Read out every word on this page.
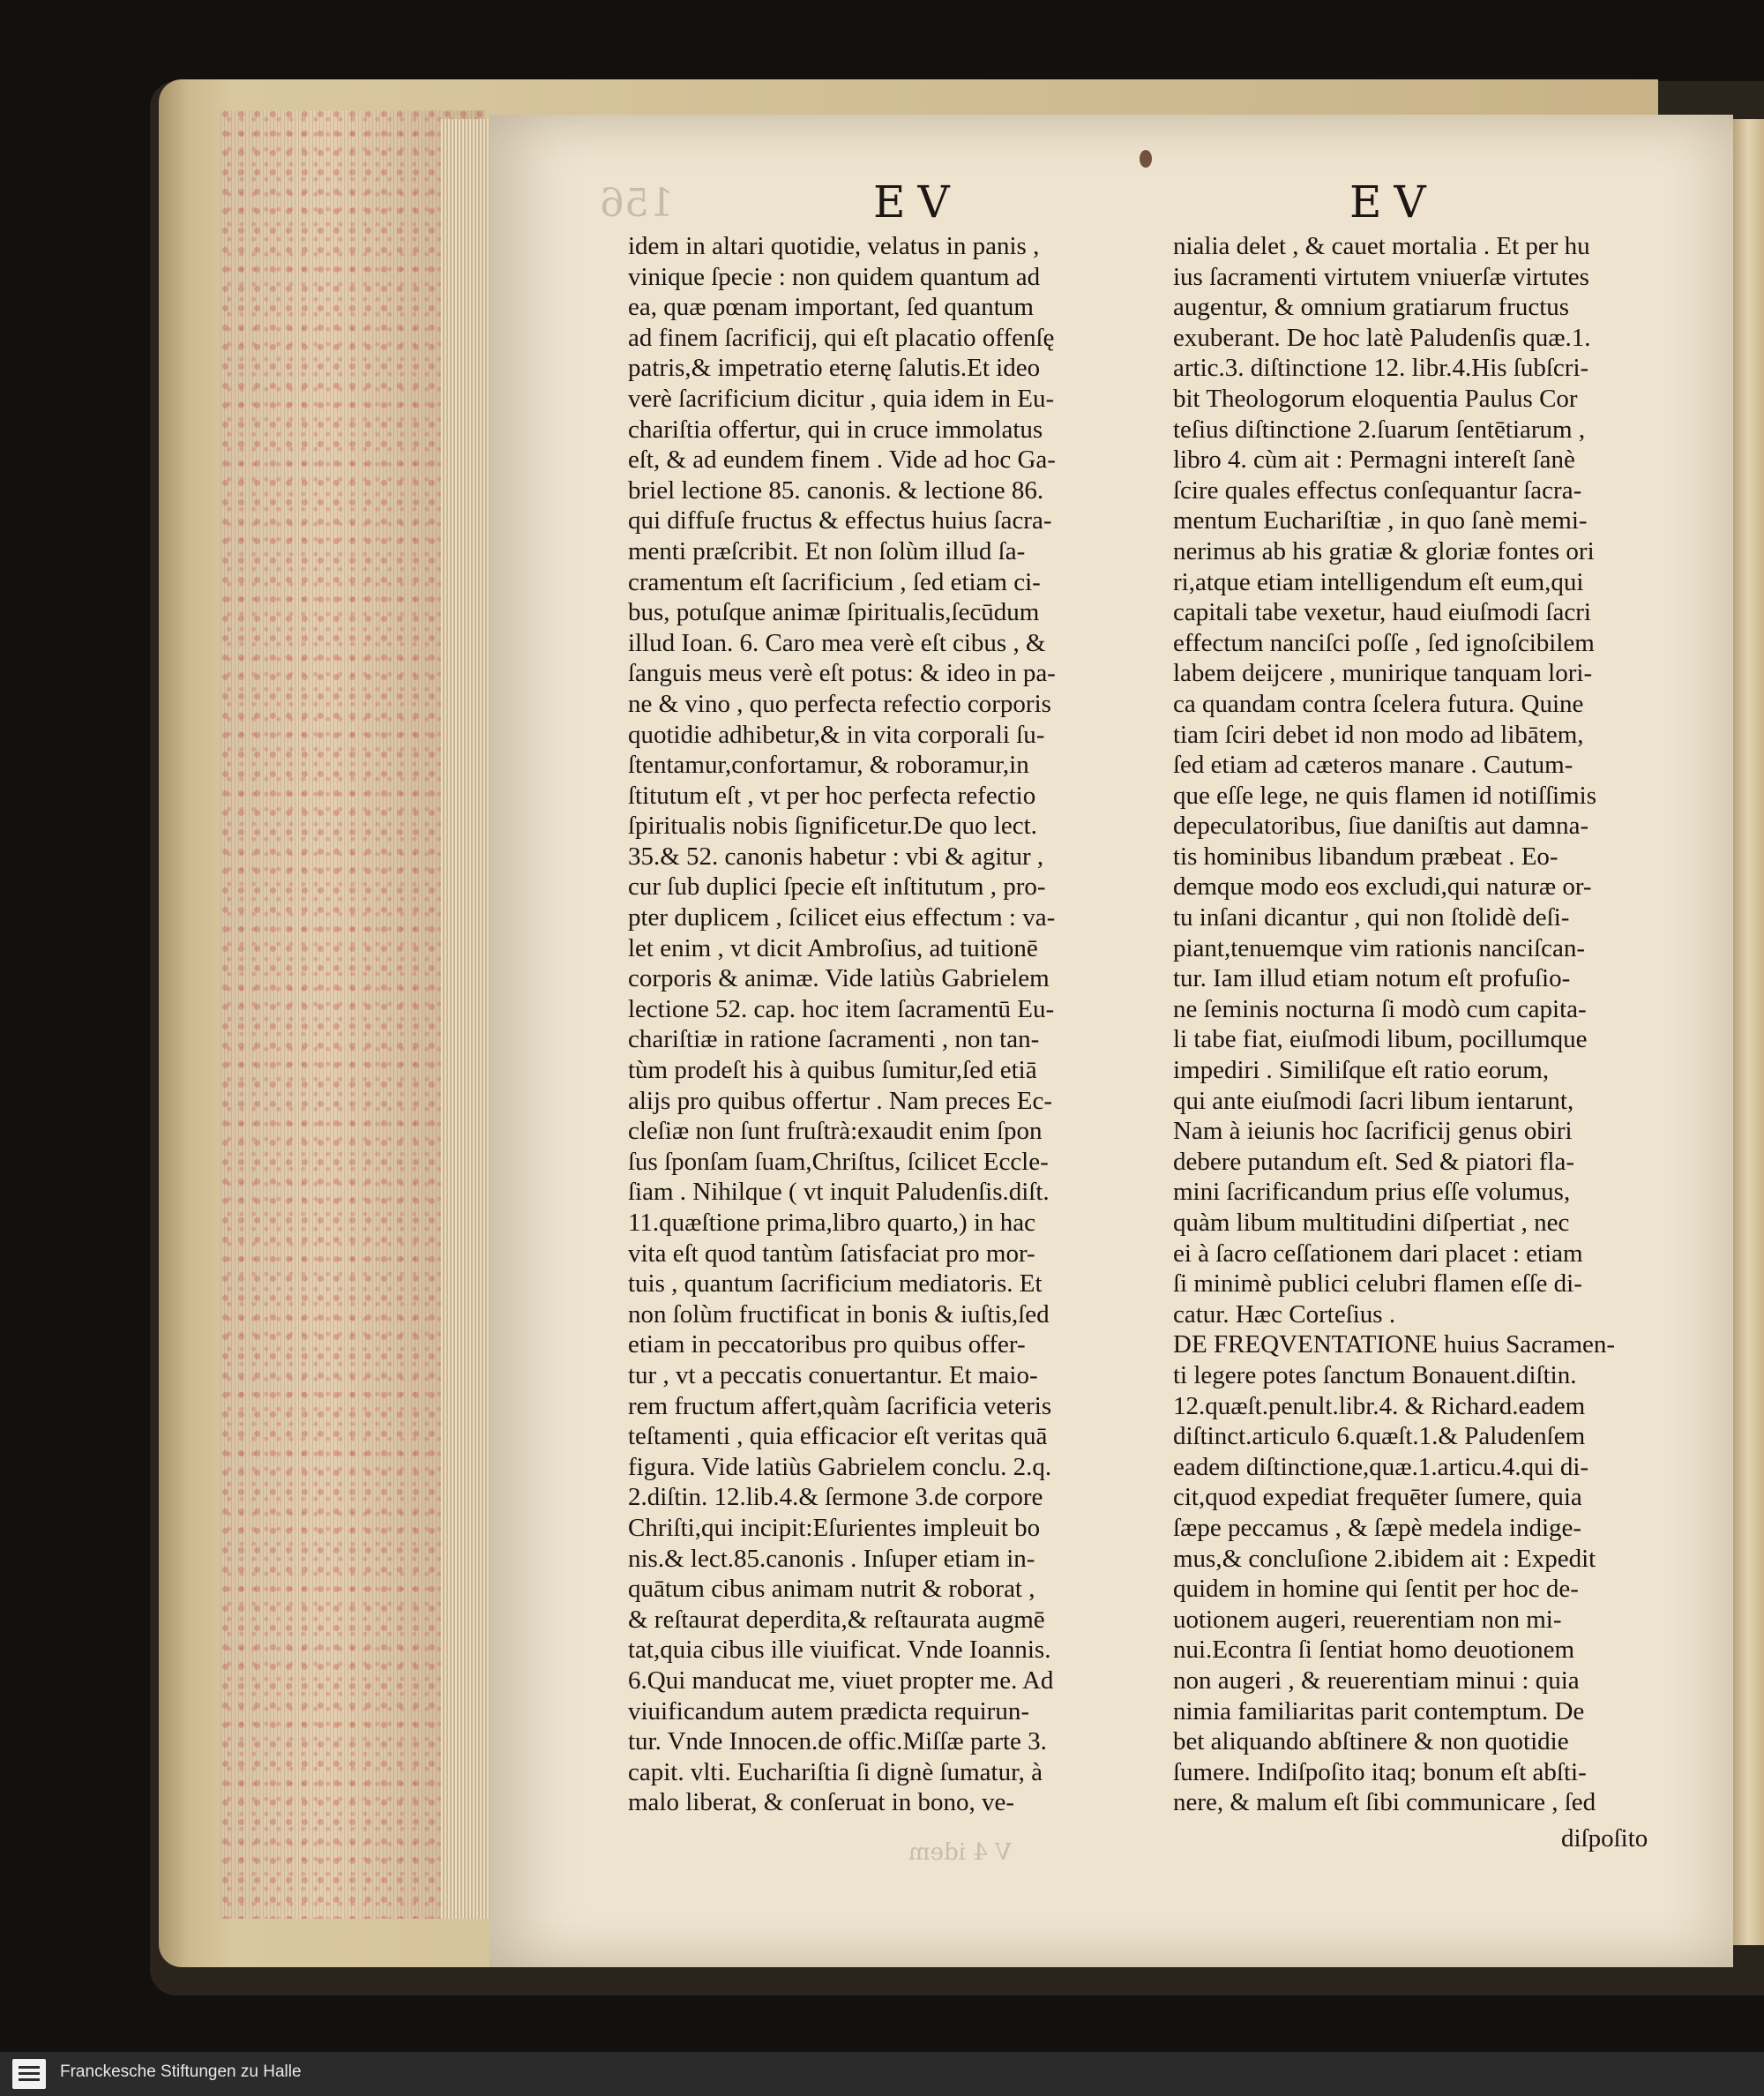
156
V 4 idem
EV	EV
idem in altari quotidie, velatus in panis ,
vinique ſpecie : non quidem quantum ad
ea, quæ pœnam important, ſed quantum
ad finem ſacrificij, qui eſt placatio offenſę
patris,& impetratio eternę ſalutis.Et ideo
verè ſacrificium dicitur , quia idem in Eu-
chariſtia offertur, qui in cruce immolatus
eſt, & ad eundem finem . Vide ad hoc Ga-
briel lectione 85. canonis. & lectione 86.
qui diffuſe fructus & effectus huius ſacra-
menti præſcribit. Et non ſolùm illud ſa-
cramentum eſt ſacrificium , ſed etiam ci-
bus, potuſque animæ ſpiritualis,ſecūdum
illud Ioan. 6. Caro mea verè eſt cibus , &
ſanguis meus verè eſt potus: & ideo in pa-
ne & vino , quo perfecta refectio corporis
quotidie adhibetur,& in vita corporali ſu-
ſtentamur,confortamur, & roboramur,in
ſtitutum eſt , vt per hoc perfecta refectio
ſpiritualis nobis ſignificetur.De quo lect.
35.& 52. canonis habetur : vbi & agitur ,
cur ſub duplici ſpecie eſt inſtitutum , pro-
pter duplicem , ſcilicet eius effectum : va-
let enim , vt dicit Ambroſius, ad tuitionē
corporis & animæ. Vide latiùs Gabrielem
lectione 52. cap. hoc item ſacramentū Eu-
chariſtiæ in ratione ſacramenti , non tan-
tùm prodeſt his à quibus ſumitur,ſed etiā
alijs pro quibus offertur . Nam preces Ec-
cleſiæ non ſunt fruſtrà:exaudit enim ſpon
ſus ſponſam ſuam,Chriſtus, ſcilicet Eccle-
ſiam . Nihilque ( vt inquit Paludenſis.diſt.
11.quæſtione prima,libro quarto,) in hac
vita eſt quod tantùm ſatisfaciat pro mor-
tuis , quantum ſacrificium mediatoris. Et
non ſolùm fructificat in bonis & iuſtis,ſed
etiam in peccatoribus pro quibus offer-
tur , vt a peccatis conuertantur. Et maio-
rem fructum affert,quàm ſacrificia veteris
teſtamenti , quia efficacior eſt veritas quā
figura. Vide latiùs Gabrielem conclu. 2.q.
2.diſtin. 12.lib.4.& ſermone 3.de corpore
Chriſti,qui incipit:Eſurientes impleuit bo
nis.& lect.85.canonis . Inſuper etiam in-
quātum cibus animam nutrit & roborat ,
& reſtaurat deperdita,& reſtaurata augmē
tat,quia cibus ille viuificat. Vnde Ioannis.
6.Qui manducat me, viuet propter me. Ad
viuificandum autem prædicta requirun-
tur. Vnde Innocen.de offic.Miſſæ parte 3.
capit. vlti. Euchariſtia ſi dignè ſumatur, à
malo liberat, & conſeruat in bono, ve-
nialia delet , & cauet mortalia . Et per hu
ius ſacramenti virtutem vniuerſæ virtutes
augentur, & omnium gratiarum fructus
exuberant. De hoc latè Paludenſis quæ.1.
artic.3. diſtinctione 12. libr.4.His ſubſcri-
bit Theologorum eloquentia Paulus Cor
teſius diſtinctione 2.ſuarum ſentētiarum ,
libro 4. cùm ait : Permagni intereſt ſanè
ſcire quales effectus conſequantur ſacra-
mentum Euchariſtiæ , in quo ſanè memi-
nerimus ab his gratiæ & gloriæ fontes ori
ri,atque etiam intelligendum eſt eum,qui
capitali tabe vexetur, haud eiuſmodi ſacri
effectum nanciſci poſſe , ſed ignoſcibilem
labem deijcere , munirique tanquam lori-
ca quandam contra ſcelera futura. Quine
tiam ſciri debet id non modo ad libātem,
ſed etiam ad cæteros manare . Cautum-
que eſſe lege, ne quis flamen id notiſſimis
depeculatoribus, ſiue daniſtis aut damna-
tis hominibus libandum præbeat . Eo-
demque modo eos excludi,qui naturæ or-
tu inſani dicantur , qui non ſtolidè deſi-
piant,tenuemque vim rationis nanciſcan-
tur. Iam illud etiam notum eſt profuſio-
ne ſeminis nocturna ſi modò cum capita-
li tabe fiat, eiuſmodi libum, pocillumque
impediri . Similiſque eſt ratio eorum,
qui ante eiuſmodi ſacri libum ientarunt,
Nam à ieiunis hoc ſacrificij genus obiri
debere putandum eſt. Sed & piatori fla-
mini ſacrificandum prius eſſe volumus,
quàm libum multitudini diſpertiat , nec
ei à ſacro ceſſationem dari placet : etiam
ſi minimè publici celubri flamen eſſe di-
catur. Hæc Corteſius .
DE FREQVENTATIONE huius Sacramen-
ti legere potes ſanctum Bonauent.diſtin.
12.quæſt.penult.libr.4. & Richard.eadem
diſtinct.articulo 6.quæſt.1.& Paludenſem
eadem diſtinctione,quæ.1.articu.4.qui di-
cit,quod expediat frequēter ſumere, quia
ſæpe peccamus , & ſæpè medela indige-
mus,& concluſione 2.ibidem ait : Expedit
quidem in homine qui ſentit per hoc de-
uotionem augeri, reuerentiam non mi-
nui.Econtra ſi ſentiat homo deuotionem
non augeri , & reuerentiam minui : quia
nimia familiaritas parit contemptum. De
bet aliquando abſtinere & non quotidie
ſumere. Indiſpoſito itaq; bonum eſt abſti-
nere, & malum eſt ſibi communicare , ſed
diſpoſito
Franckesche Stiftungen zu Halle
